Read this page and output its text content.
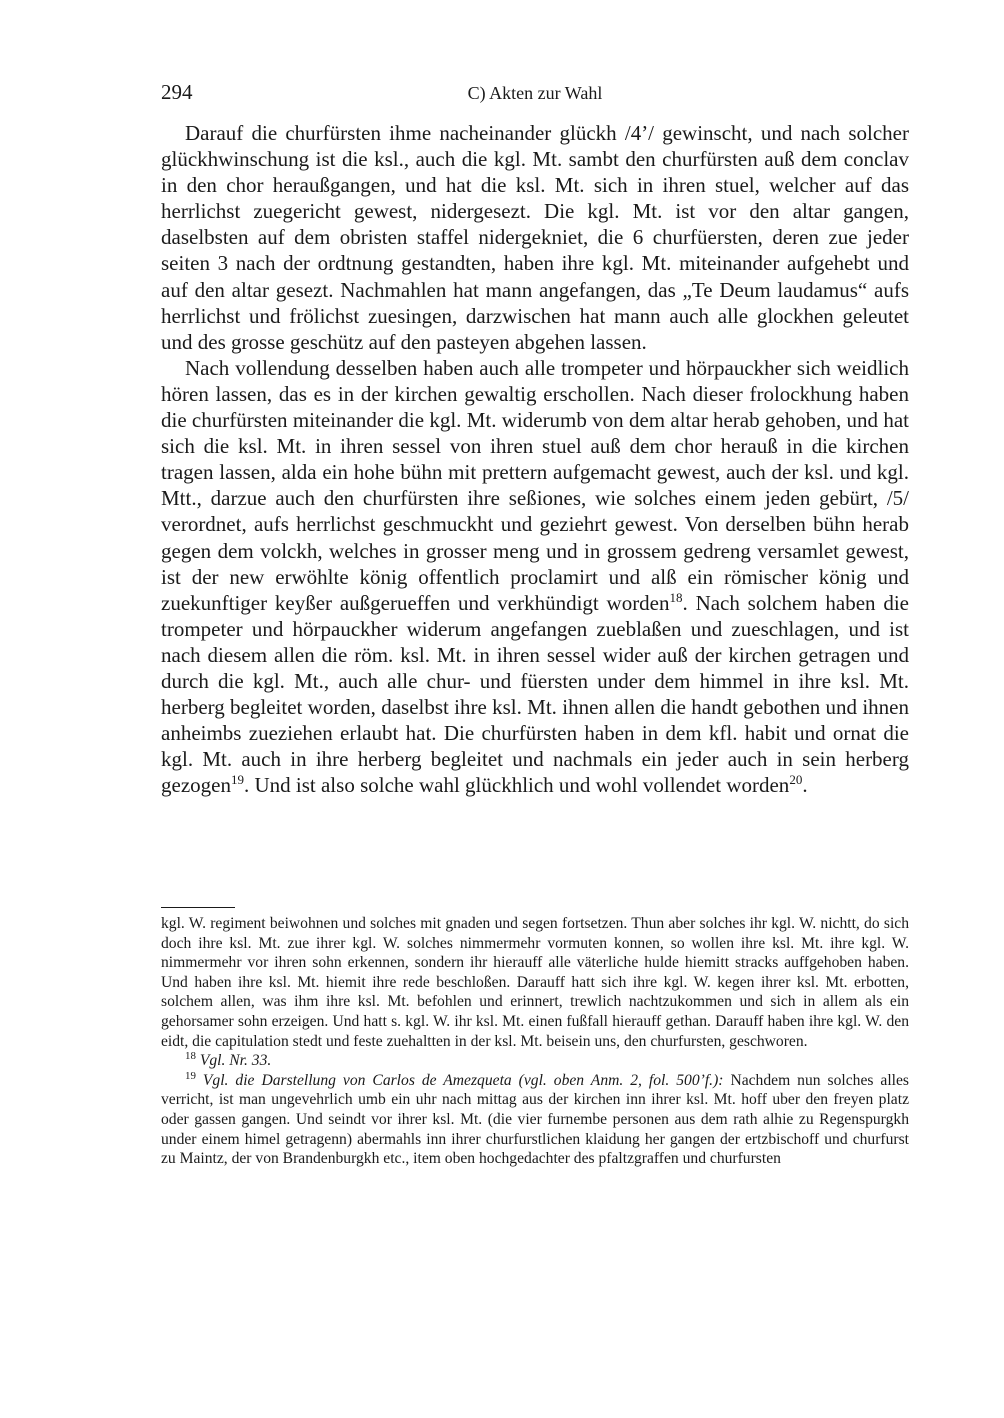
294	C) Akten zur Wahl

Darauf die churfürsten ihme nacheinander glückh /4’/ gewinscht, und nach solcher glückhwinschung ist die ksl., auch die kgl. Mt. sambt den churfürsten auß dem conclav in den chor heraußgangen, und hat die ksl. Mt. sich in ihren stuel, welcher auf das herrlichst zuegericht gewest, nidergesezt. Die kgl. Mt. ist vor den altar gangen, daselbsten auf dem obristen staffel nidergekniet, die 6 churfüersten, deren zue jeder seiten 3 nach der ordtnung gestandten, haben ihre kgl. Mt. miteinander aufgehebt und auf den altar gesezt. Nachmahlen hat mann angefangen, das „Te Deum laudamus“ aufs herrlichst und frölichst zuesingen, darzwischen hat mann auch alle glockhen geleutet und des grosse geschütz auf den pasteyen abgehen lassen.

Nach vollendung desselben haben auch alle trompeter und hörpauckher sich weidlich hören lassen, das es in der kirchen gewaltig erschollen. Nach dieser frolockhung haben die churfürsten miteinander die kgl. Mt. widerumb von dem altar herab gehoben, und hat sich die ksl. Mt. in ihren sessel von ihren stuel auß dem chor herauß in die kirchen tragen lassen, alda ein hohe bühn mit prettern aufgemacht gewest, auch der ksl. und kgl. Mtt., darzue auch den churfürsten ihre seßiones, wie solches einem jeden gebürt, /5/ verordnet, aufs herrlichst geschmuckht und geziehrt gewest. Von derselben bühn herab gegen dem volckh, welches in grosser meng und in grossem gedreng versamlet gewest, ist der new erwöhlte könig offentlich proclamirt und alß ein römischer könig und zuekunftiger keyßer außgerueffen und verkhündigt worden$^{18}$. Nach solchem haben die trompeter und hörpauckher widerum angefangen zueblaßen und zueschlagen, und ist nach diesem allen die röm. ksl. Mt. in ihren sessel wider auß der kirchen getragen und durch die kgl. Mt., auch alle chur- und füersten under dem himmel in ihre ksl. Mt. herberg begleitet worden, daselbst ihre ksl. Mt. ihnen allen die handt gebothen und ihnen anheimbs zueziehen erlaubt hat. Die churfürsten haben in dem kfl. habit und ornat die kgl. Mt. auch in ihre herberg begleitet und nachmals ein jeder auch in sein herberg gezogen$^{19}$. Und ist also solche wahl glückhlich und wohl vollendet worden$^{20}$.

kgl. W. regiment beiwohnen und solches mit gnaden und segen fortsetzen. Thun aber solches ihr kgl. W. nichtt, do sich doch ihre ksl. Mt. zue ihrer kgl. W. solches nimmermehr vormuten konnen, so wollen ihre ksl. Mt. ihre kgl. W. nimmermehr vor ihren sohn erkennen, sondern ihr hierauff alle väterliche hulde hiemitt stracks auffgehoben haben. Und haben ihre ksl. Mt. hiemit ihre rede beschloßen. Darauff hatt sich ihre kgl. W. kegen ihrer ksl. Mt. erbotten, solchem allen, was ihm ihre ksl. Mt. befohlen und erinnert, trewlich nachtzukommen und sich in allem als ein gehorsamer sohn erzeigen. Und hatt s. kgl. W. ihr ksl. Mt. einen fußfall hierauff gethan. Darauff haben ihre kgl. W. den eidt, die capitulation stedt und feste zuehaltten in der ksl. Mt. beisein uns, den churfursten, geschworen.

$^{18}$ Vgl. Nr. 33.

$^{19}$ Vgl. die Darstellung von Carlos de Amezqueta (vgl. oben Anm. 2, fol. 500’f.): Nachdem nun solches alles verricht, ist man ungevehrlich umb ein uhr nach mittag aus der kirchen inn ihrer ksl. Mt. hoff uber den freyen platz oder gassen gangen. Und seindt vor ihrer ksl. Mt. (die vier furnembe personen aus dem rath alhie zu Regenspurgkh under einem himel getragenn) abermahls inn ihrer churfurstlichen klaidung her gangen der ertzbischoff und churfurst zu Maintz, der von Brandenburgkh etc., item oben hochgedachter des pfaltzgraffen und churfursten
